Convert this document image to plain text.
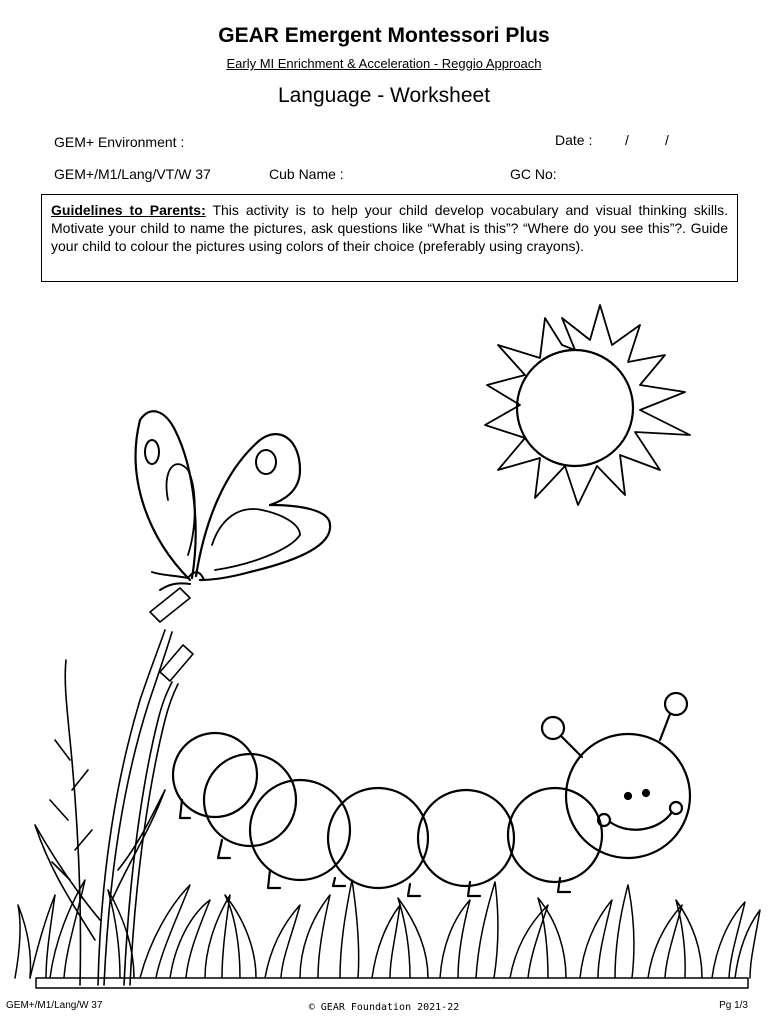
GEAR Emergent Montessori Plus
Early MI Enrichment & Acceleration - Reggio Approach
Language - Worksheet
GEM+ Environment :	Date : /	/
GEM+/M1/Lang/VT/W 37	Cub Name :	GC No:
Guidelines to Parents: This activity is to help your child develop vocabulary and visual thinking skills. Motivate your child to name the pictures, ask questions like “What is this”? “Where do you see this”?. Guide your child to colour the pictures using colors of their choice (preferably using crayons).
GEM+/M1/Lang/W 37	© GEAR Foundation 2021-22	Pg 1/3
